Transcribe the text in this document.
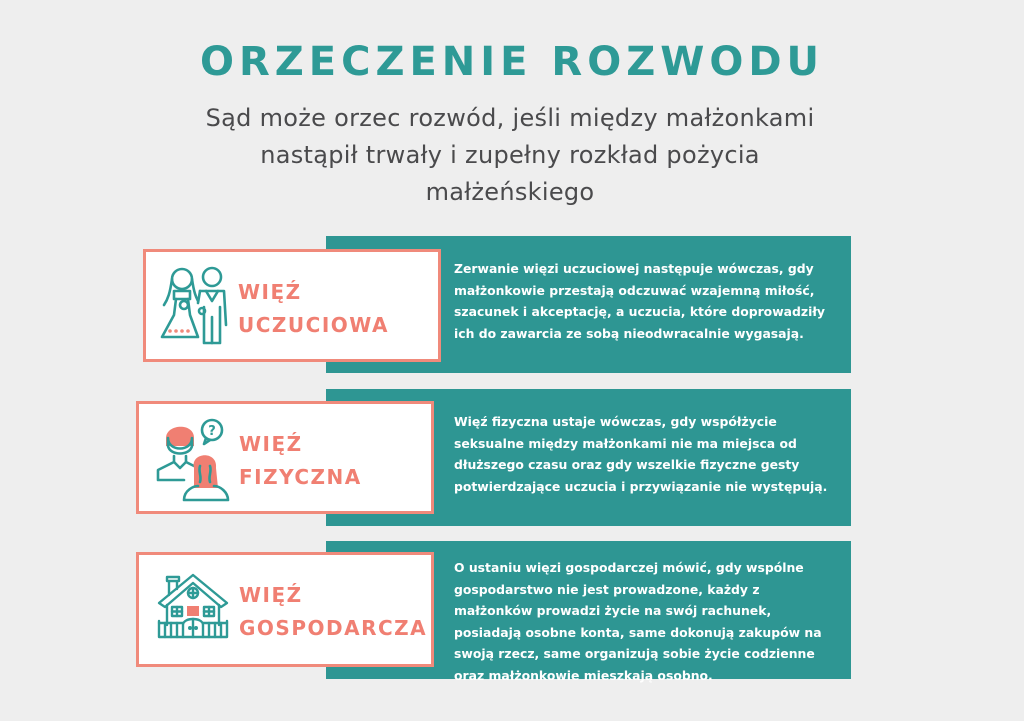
ORZECZENIE ROZWODU
Sąd może orzec rozwód, jeśli między małżonkami nastąpił trwały i zupełny rozkład pożycia małżeńskiego
Zerwanie więzi uczuciowej następuje wówczas, gdy małżonkowie przestają odczuwać wzajemną miłość, szacunek i akceptację, a uczucia, które doprowadziły ich do zawarcia ze sobą nieodwracalnie wygasają.
WIĘŹ
UCZUCIOWA
Więź fizyczna ustaje wówczas, gdy współżycie seksualne między małżonkami nie ma miejsca od dłuższego czasu oraz gdy wszelkie fizyczne gesty potwierdzające uczucia i przywiązanie nie występują.
?
WIĘŹ
FIZYCZNA
O ustaniu więzi gospodarczej mówić, gdy wspólne gospodarstwo nie jest prowadzone, każdy z małżonków prowadzi życie na swój rachunek, posiadają osobne konta, same dokonują zakupów na swoją rzecz, same organizują sobie życie codzienne oraz małżonkowie mieszkają osobno.
WIĘŹ
GOSPODARCZA
